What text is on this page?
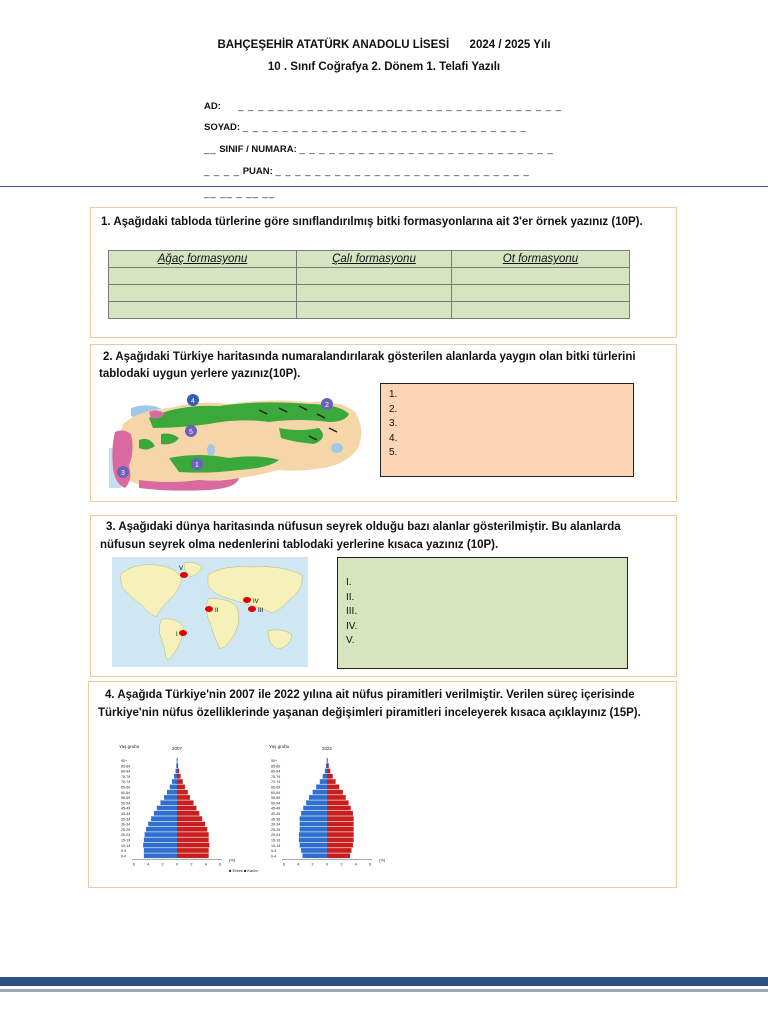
BAHÇEŞEHİR ATATÜRK ANADOLU LİSESİ 2024 / 2025 Yılı
10 . Sınıf Coğrafya 2. Dönem 1. Telafi Yazılı
AD: _ _ _ _ _ _ _ _ _ _ _ _ _ _ _ _ _ _ _ _ _ _ _ _ _ _ _ _ _ _ _ _ _
SOYAD: _ _ _ _ _ _ _ _ _ _ _ _ _ _ _ _ _ _ _ _ _ _ _ _ _ _ _ _ _
__ SINIF / NUMARA: _ _ _ _ _ _ _ _ _ _ _ _ _ _ _ _ _ _ _ _ _ _ _ _ _ _
_ _ _ _ PUAN: _ _ _ _ _ _ _ _ _ _ _ _ _ _ _ _ _ _ _ _ _ _ _ _ _ _
__ __ _ __ __
1. Aşağıdaki tabloda türlerine göre sınıflandırılmış bitki formasyonlarına ait 3'er örnek yazınız (10P).
Ağaç formasyonu	Çalı formasyonu	Ot formasyonu

2. Aşağıdaki Türkiye haritasında numaralandırılarak gösterilen alanlarda yaygın olan bitki türlerini
tablodaki uygun yerlere yazınız(10P).
4
2
5
1
3
1.
2.
3.
4.
5.
3. Aşağıdaki dünya haritasında nüfusun seyrek olduğu bazı alanlar gösterilmiştir. Bu alanlarda
nüfusun seyrek olma nedenlerini tablodaki yerlerine kısaca yazınız (10P).
V
II
IV
III
I
I.
II.
III.
IV.
V.
4. Aşağıda Türkiye'nin 2007 ile 2022 yılına ait nüfus piramitleri verilmiştir. Verilen süreç içerisinde
Türkiye'nin nüfus özelliklerinde yaşanan değişimleri piramitleri inceleyerek kısaca açıklayınız (15P).
Yaş grubu	2007
90+
85-89
80-84
75-79
70-74
65-69
60-64
55-59
50-54
45-49
40-44
35-39
30-34
25-29
20-24
15-19
10-14
5-9
0-4
6	4	2	0	2	4	6
(%)
Yaş grubu	2022
90+
85-89
80-84
75-79
70-74
65-69
60-64
55-59
50-54
45-49
40-44
35-39
30-34
25-29
20-24
15-19
10-14
5-9
0-4
6	4	2	0	2	4	6
(%)
■ Erkek ■ Kadın
